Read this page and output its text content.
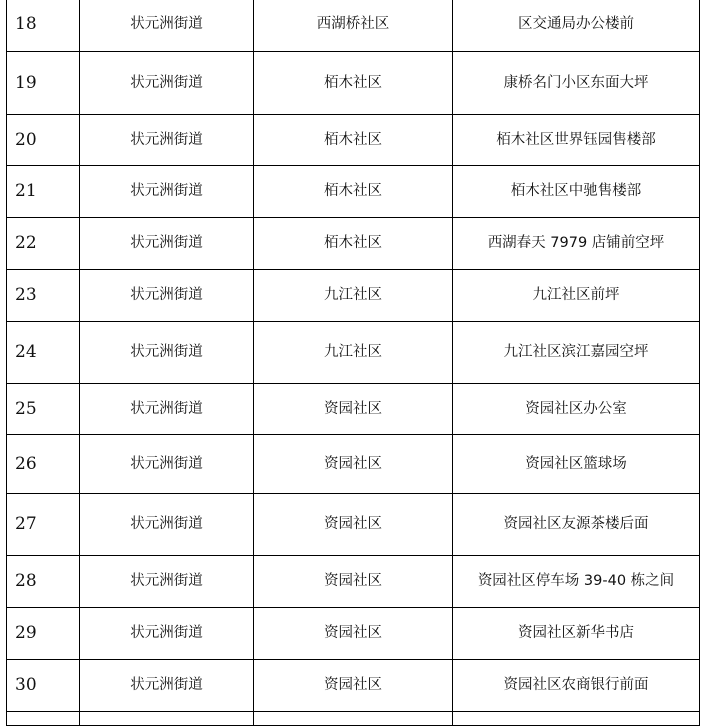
18	状元洲街道	西湖桥社区	区交通局办公楼前
19	状元洲街道	栢木社区	康桥名门小区东面大坪
20	状元洲街道	栢木社区	栢木社区世界钰园售楼部
21	状元洲街道	栢木社区	栢木社区中驰售楼部
22	状元洲街道	栢木社区	西湖春天 7979 店铺前空坪
23	状元洲街道	九江社区	九江社区前坪
24	状元洲街道	九江社区	九江社区滨江嘉园空坪
25	状元洲街道	资园社区	资园社区办公室
26	状元洲街道	资园社区	资园社区篮球场
27	状元洲街道	资园社区	资园社区友源茶楼后面
28	状元洲街道	资园社区	资园社区停车场 39-40 栋之间
29	状元洲街道	资园社区	资园社区新华书店
30	状元洲街道	资园社区	资园社区农商银行前面
